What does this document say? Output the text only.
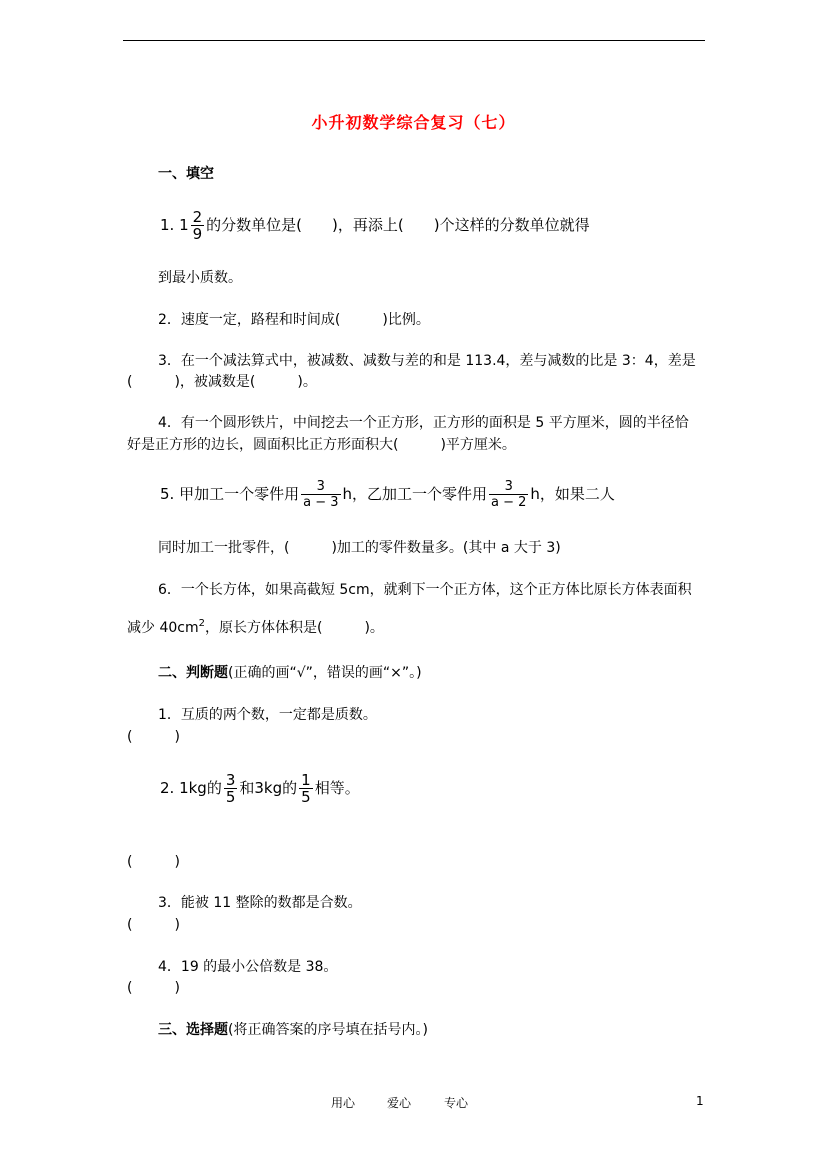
小升初数学综合复习（七）
一、填空
1. $1 \frac{2}{9}$ 的分数单位是(　　)，再添上(　　)个这样的分数单位就得
到最小质数。
2．速度一定，路程和时间成(　　　)比例。
3．在一个减法算式中，被减数、减数与差的和是 113.4，差与减数的比是 3：4，差是
(　　　)，被减数是(　　　)。
4．有一个圆形铁片，中间挖去一个正方形，正方形的面积是 5 平方厘米，圆的半径恰
好是正方形的边长，圆面积比正方形面积大(　　　)平方厘米。
5. 甲加工一个零件用 $\frac{3}{a - 3}$ h，乙加工一个零件用 $\frac{3}{a - 2}$ h，如果二人
同时加工一批零件，(　　　)加工的零件数量多。(其中 a 大于 3)
6．一个长方体，如果高截短 5cm，就剩下一个正方体，这个正方体比原长方体表面积
减少 $40cm^2$，原长方体体积是(　　　)。
二、判断题(正确的画“√”，错误的画“×”。)
1．互质的两个数，一定都是质数。
(　　　)
2. 1kg的 $\frac{3}{5}$ 和3kg的 $\frac{1}{5}$ 相等。
(　　　)
3．能被 11 整除的数都是合数。
(　　　)
4．19 的最小公倍数是 38。
(　　　)
三、选择题(将正确答案的序号填在括号内。)
用心	爱心	专心	1
